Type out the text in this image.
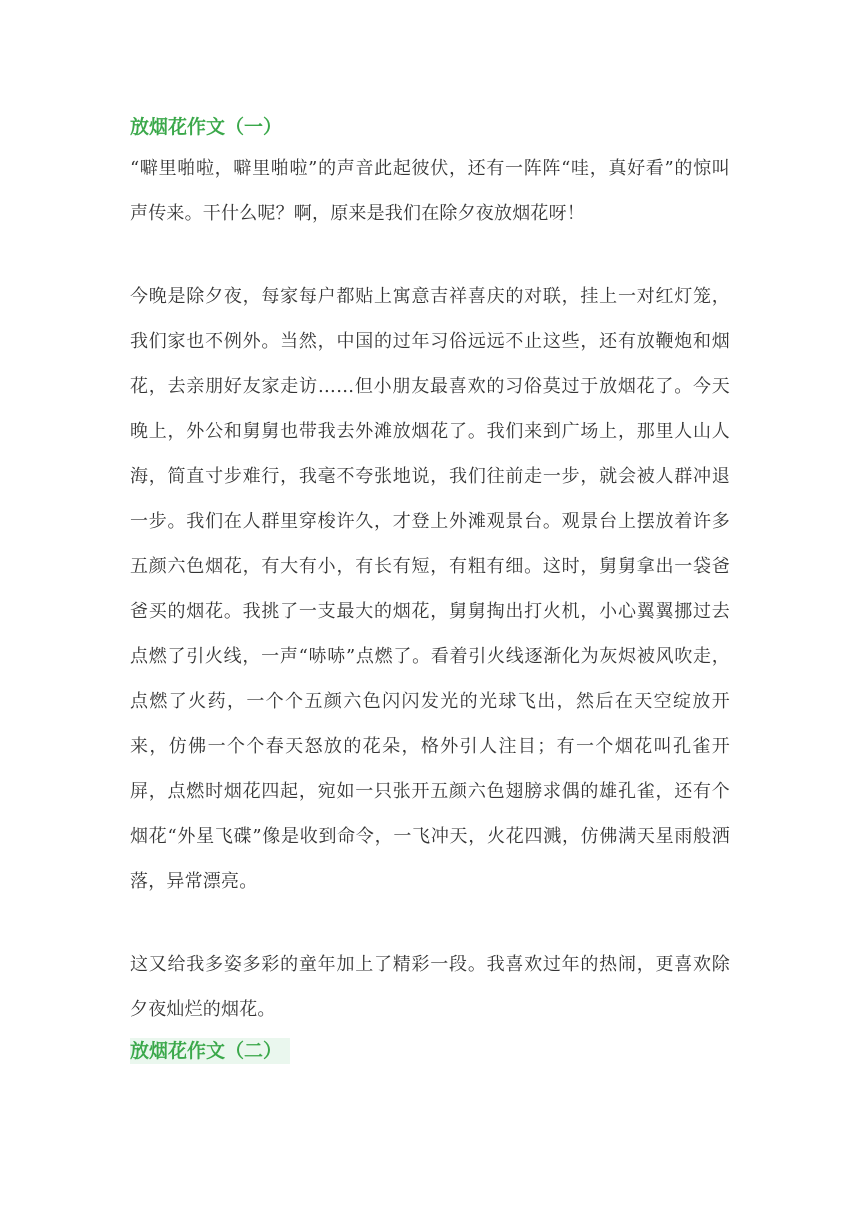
放烟花作文（一）

“噼里啪啦，噼里啪啦”的声音此起彼伏，还有一阵阵“哇，真好看”的惊叫声传来。干什么呢？啊，原来是我们在除夕夜放烟花呀！

今晚是除夕夜，每家每户都贴上寓意吉祥喜庆的对联，挂上一对红灯笼，我们家也不例外。当然，中国的过年习俗远远不止这些，还有放鞭炮和烟花，去亲朋好友家走访……但小朋友最喜欢的习俗莫过于放烟花了。今天晚上，外公和舅舅也带我去外滩放烟花了。我们来到广场上，那里人山人海，简直寸步难行，我毫不夸张地说，我们往前走一步，就会被人群冲退一步。我们在人群里穿梭许久，才登上外滩观景台。观景台上摆放着许多五颜六色烟花，有大有小，有长有短，有粗有细。这时，舅舅拿出一袋爸爸买的烟花。我挑了一支最大的烟花，舅舅掏出打火机，小心翼翼挪过去点燃了引火线，一声“哧哧”点燃了。看着引火线逐渐化为灰烬被风吹走，点燃了火药，一个个五颜六色闪闪发光的光球飞出，然后在天空绽放开来，仿佛一个个春天怒放的花朵，格外引人注目；有一个烟花叫孔雀开屏，点燃时烟花四起，宛如一只张开五颜六色翅膀求偶的雄孔雀，还有个烟花“外星飞碟”像是收到命令，一飞冲天，火花四溅，仿佛满天星雨般洒落，异常漂亮。

这又给我多姿多彩的童年加上了精彩一段。我喜欢过年的热闹，更喜欢除夕夜灿烂的烟花。

放烟花作文（二）
